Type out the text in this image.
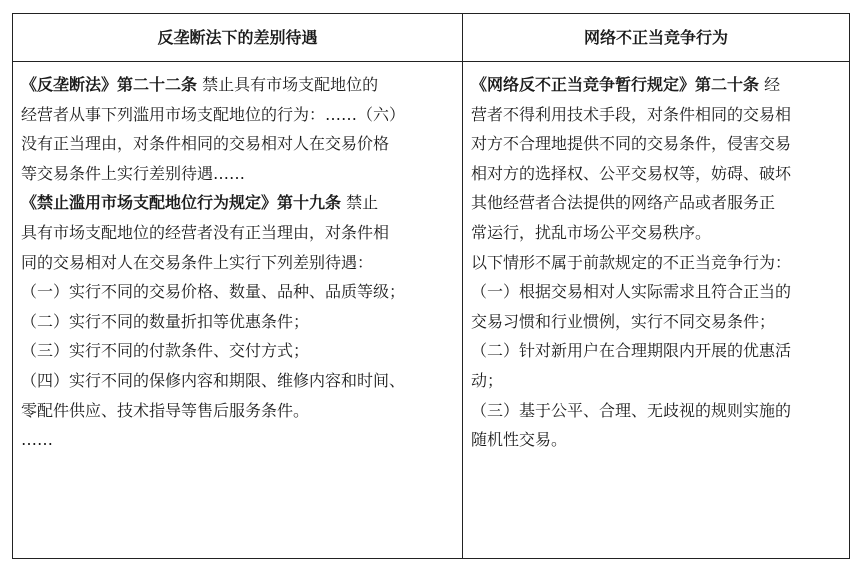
反垄断法下的差别待遇	网络不正当竞争行为

《反垄断法》第二十二条 禁止具有市场支配地位的

经营者从事下列滥用市场支配地位的行为：……（六）

没有正当理由，对条件相同的交易相对人在交易价格

等交易条件上实行差别待遇……

《禁止滥用市场支配地位行为规定》第十九条 禁止

具有市场支配地位的经营者没有正当理由，对条件相

同的交易相对人在交易条件上实行下列差别待遇：

（一）实行不同的交易价格、数量、品种、品质等级；

（二）实行不同的数量折扣等优惠条件；

（三）实行不同的付款条件、交付方式；

（四）实行不同的保修内容和期限、维修内容和时间、

零配件供应、技术指导等售后服务条件。

……

《网络反不正当竞争暂行规定》第二十条 经

营者不得利用技术手段，对条件相同的交易相

对方不合理地提供不同的交易条件，侵害交易

相对方的选择权、公平交易权等，妨碍、破坏

其他经营者合法提供的网络产品或者服务正

常运行，扰乱市场公平交易秩序。

以下情形不属于前款规定的不正当竞争行为：

（一）根据交易相对人实际需求且符合正当的

交易习惯和行业惯例，实行不同交易条件；

（二）针对新用户在合理期限内开展的优惠活

动；

（三）基于公平、合理、无歧视的规则实施的

随机性交易。
